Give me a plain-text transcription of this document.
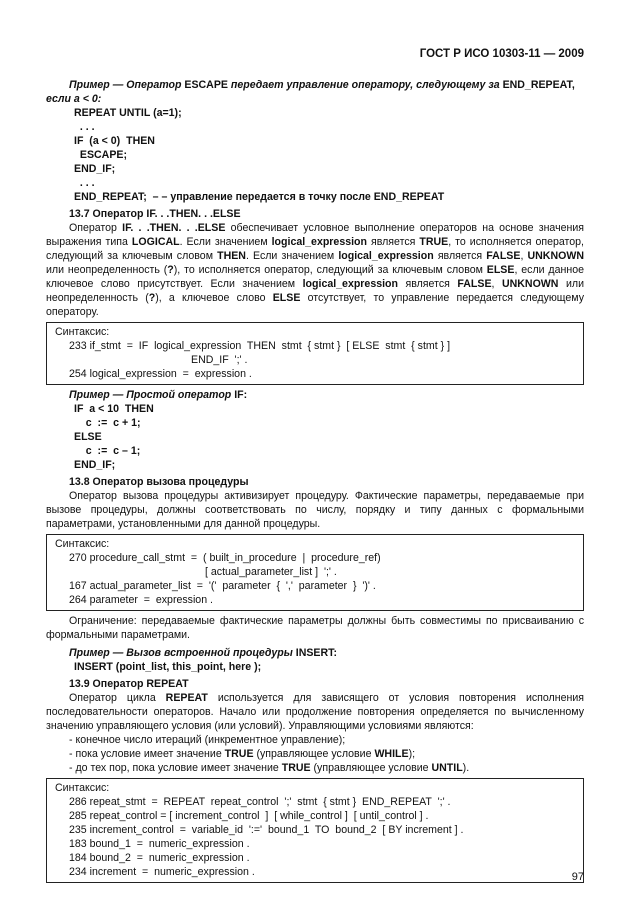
ГОСТ Р ИСО 10303-11 — 2009

Пример — Оператор ESCAPE передает управление оператору, следующему за END_REPEAT,

если a < 0:

REPEAT UNTIL (a=1);

. . .

IF  (a < 0)  THEN

ESCAPE;

END_IF;

. . .

END_REPEAT;  – – управление передается в точку после END_REPEAT

13.7 Оператор IF. . .THEN. . .ELSE

Оператор IF. . .THEN. . .ELSE обеспечивает условное выполнение операторов на основе значения выражения типа LOGICAL. Если значением logical_expression является TRUE, то исполняется оператор, следующий за ключевым словом THEN. Если значением logical_expression является FALSE, UNKNOWN или неопределенность (?), то исполняется оператор, следующий за ключевым словом ELSE, если данное ключевое слово присутствует. Если значением logical_expression является FALSE, UNKNOWN или неопределенность (?), а ключевое слово ELSE отсутствует, то управление передается следующему оператору.

Синтаксис:

233 if_stmt  =  IF  logical_expression  THEN  stmt  { stmt }  [ ELSE  stmt  { stmt } ]

END_IF  ';' .

254 logical_expression  =  expression .

Пример — Простой оператор IF:

IF  a < 10  THEN

c  :=  c + 1;

ELSE

c  :=  c – 1;

END_IF;

13.8 Оператор вызова процедуры

Оператор вызова процедуры активизирует процедуру. Фактические параметры, передаваемые при вызове процедуры, должны соответствовать по числу, порядку и типу данных с формальными параметрами, установленными для данной процедуры.

Синтаксис:

270 procedure_call_stmt  =  ( built_in_procedure  |  procedure_ref)

[ actual_parameter_list ]  ';' .

167 actual_parameter_list  =  '('  parameter  {  ','  parameter  }  ')' .

264 parameter  =  expression .

Ограничение: передаваемые фактические параметры должны быть совместимы по присваиванию с формальными параметрами.

Пример — Вызов встроенной процедуры INSERT:

INSERT (point_list, this_point, here );

13.9 Оператор REPEAT

Оператор цикла REPEAT используется для зависящего от условия повторения исполнения последовательности операторов. Начало или продолжение повторения определяется по вычисленному значению управляющего условия (или условий). Управляющими условиями являются:

- конечное число итераций (инкрементное управление);

- пока условие имеет значение TRUE (управляющее условие WHILE);

- до тех пор, пока условие имеет значение TRUE (управляющее условие UNTIL).

Синтаксис:

286 repeat_stmt  =  REPEAT  repeat_control  ';'  stmt  { stmt }  END_REPEAT  ';' .

285 repeat_control = [ increment_control  ]  [ while_control ]  [ until_control ] .

235 increment_control  =  variable_id  ':='  bound_1  TO  bound_2  [ BY increment ] .

183 bound_1  =  numeric_expression .

184 bound_2  =  numeric_expression .

234 increment  =  numeric_expression .	97
